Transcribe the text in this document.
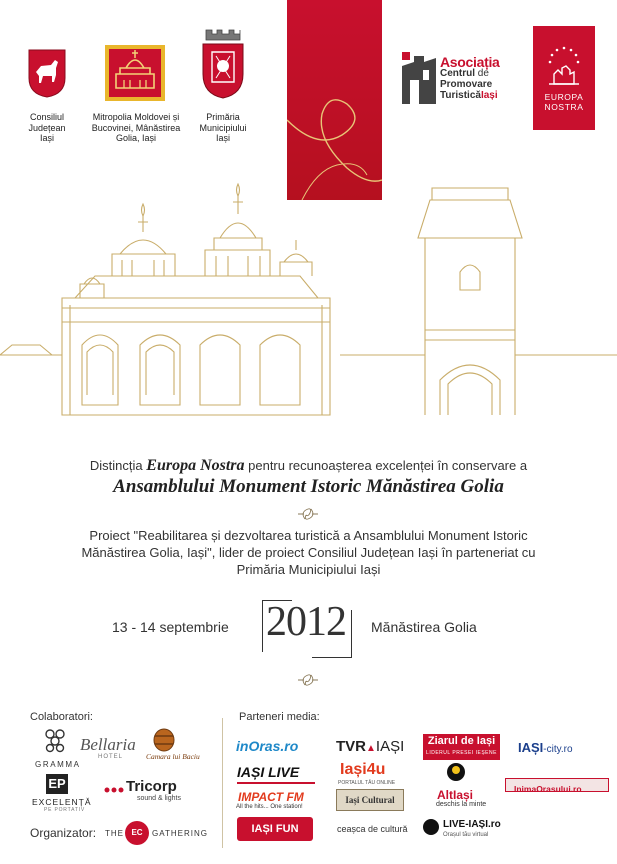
Consiliul
Județean
Iași
Mitropolia Moldovei și
Bucovinei, Mânăstirea
Golia, Iași
Primăria
Municipiului
Iași
Asociația
Centrul de
Promovare
TuristicăIași	EUROPA
NOSTRA
Distincția Europa Nostra pentru recunoașterea excelenței în conservare a
Ansamblului Monument Istoric Mănăstirea Golia
Proiect "Reabilitarea și dezvoltarea turistică a Ansamblului Monument Istoric Mănăstirea Golia, Iași", lider de proiect Consiliul Județean Iași în parteneriat cu Primăria Municipiului Iași
13 - 14 septembrie 2012 Mănăstirea Golia
Colaboratori:	Parteneri media:
GRAMMA
Bellaria
HOTEL	Camara lui Baciu
EP
EXCELENȚĂ
PE PORTATIV
Tricorp
sound & lights
Organizator: THE EC	GATHERING
inOras.ro	TVR▲IAȘI	Ziarul de Iași
LIDERUL PRESEI IEȘENE IAȘI-city.ro
IAȘI LIVE	Iași4u
PORTALUL TĂU ONLINE
InimaOrasului.ro
IMPACT FM
All the hits... One station!
Iași Cultural	AltIași
deschis la minte
IAȘI FUN	ceașca de cultură	LIVE-IAȘI.ro
Orașul tău virtual
